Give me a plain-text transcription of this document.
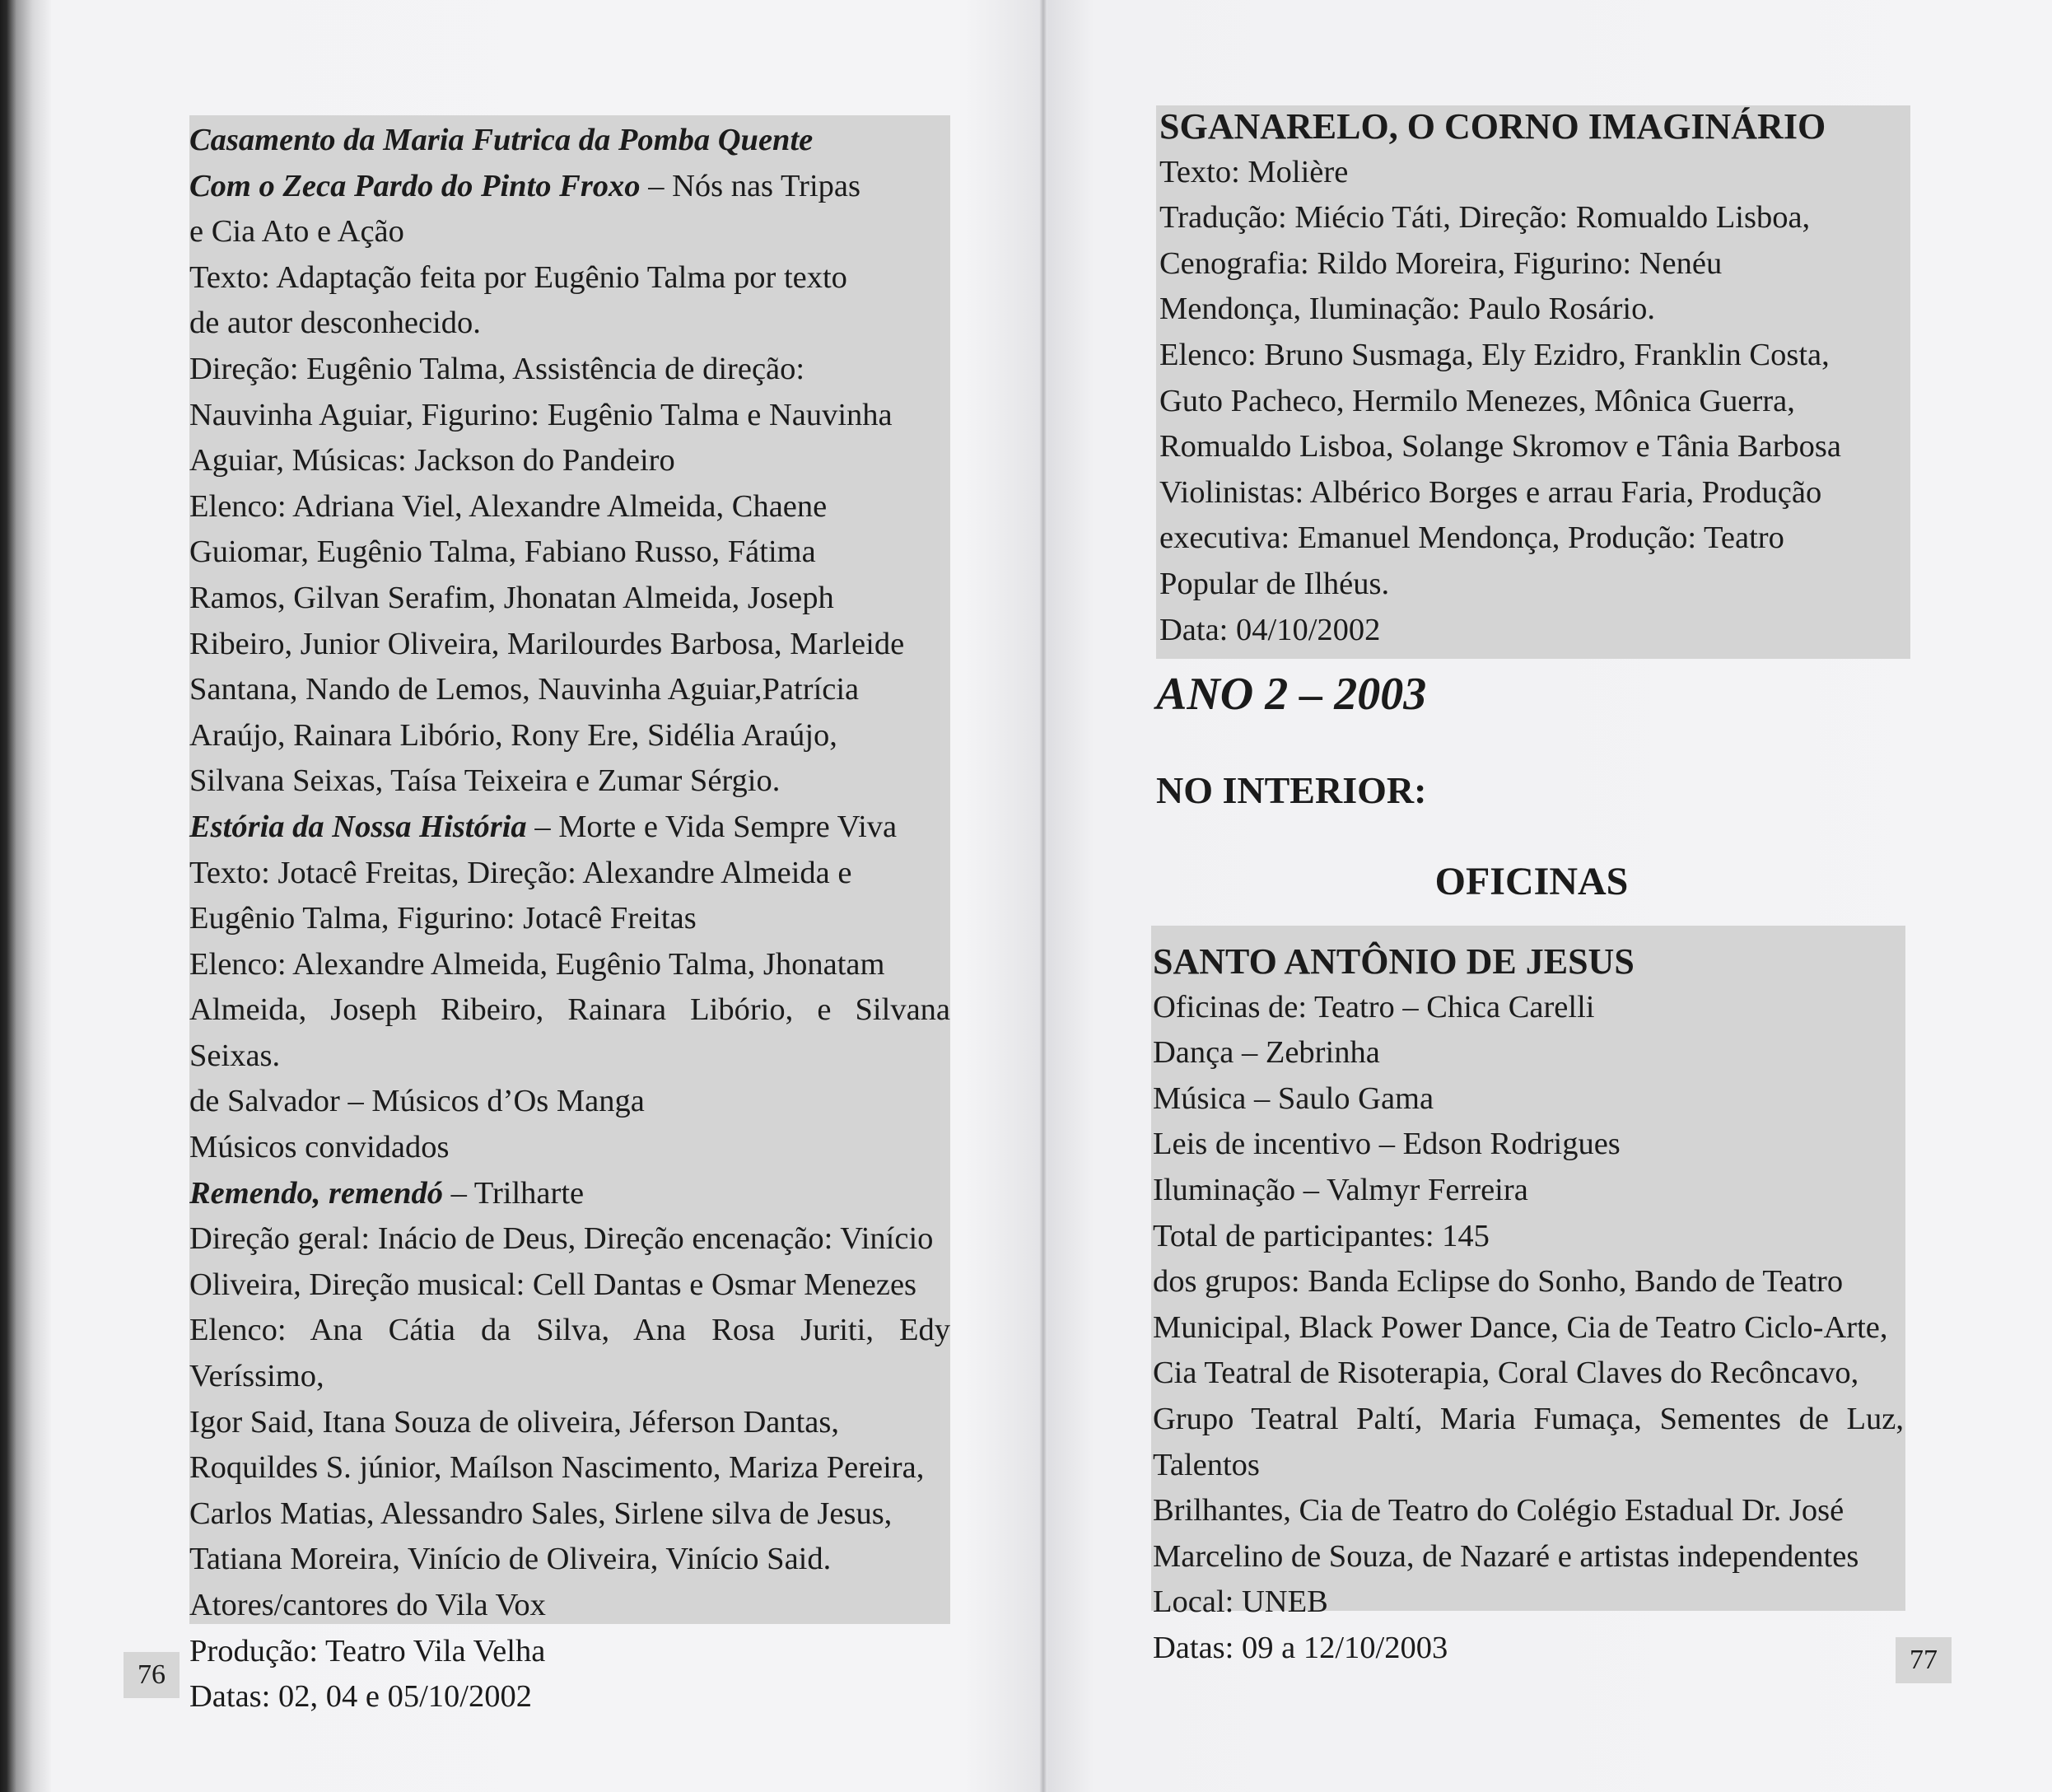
Casamento da Maria Futrica da Pomba Quente

Com o Zeca Pardo do Pinto Froxo – Nós nas Tripas

e Cia Ato e Ação

Texto: Adaptação feita por Eugênio Talma por texto

de autor desconhecido.

Direção: Eugênio Talma, Assistência de direção:

Nauvinha Aguiar, Figurino: Eugênio Talma e Nauvinha

Aguiar, Músicas: Jackson do Pandeiro

Elenco: Adriana Viel, Alexandre Almeida, Chaene

Guiomar, Eugênio Talma, Fabiano Russo, Fátima

Ramos, Gilvan Serafim, Jhonatan Almeida, Joseph

Ribeiro, Junior Oliveira, Marilourdes Barbosa, Marleide

Santana, Nando de Lemos, Nauvinha Aguiar,Patrícia

Araújo, Rainara Libório, Rony Ere, Sidélia Araújo,

Silvana Seixas, Taísa Teixeira e Zumar Sérgio.

Estória da Nossa História – Morte e Vida Sempre Viva

Texto: Jotacê Freitas, Direção: Alexandre Almeida e

Eugênio Talma, Figurino: Jotacê Freitas

Elenco: Alexandre Almeida, Eugênio Talma, Jhonatam

Almeida, Joseph Ribeiro, Rainara Libório, e Silvana Seixas.

de Salvador – Músicos d’Os Manga

Músicos convidados

Remendo, remendó – Trilharte

Direção geral: Inácio de Deus, Direção encenação: Vinício

Oliveira, Direção musical: Cell Dantas e Osmar Menezes

Elenco: Ana Cátia da Silva, Ana Rosa Juriti, Edy Veríssimo,

Igor Said, Itana Souza de oliveira, Jéferson Dantas,

Roquildes S. júnior, Maílson Nascimento, Mariza Pereira,

Carlos Matias, Alessandro Sales, Sirlene silva de Jesus,

Tatiana Moreira, Vinício de Oliveira, Vinício Said.

Atores/cantores do Vila Vox

Produção: Teatro Vila Velha

Datas: 02, 04 e 05/10/2002

76

SGANARELO, O CORNO IMAGINÁRIO

Texto: Molière

Tradução: Miécio Táti, Direção: Romualdo Lisboa,

Cenografia: Rildo Moreira, Figurino: Nenéu

Mendonça, Iluminação: Paulo Rosário.

Elenco: Bruno Susmaga, Ely Ezidro, Franklin Costa,

Guto Pacheco, Hermilo Menezes, Mônica Guerra,

Romualdo Lisboa, Solange Skromov e Tânia Barbosa

Violinistas: Albérico Borges e arrau Faria, Produção

executiva: Emanuel Mendonça, Produção: Teatro

Popular de Ilhéus.

Data: 04/10/2002

ANO 2 – 2003
NO INTERIOR:
OFICINAS

SANTO ANTÔNIO DE JESUS

Oficinas de: Teatro – Chica Carelli

Dança – Zebrinha

Música – Saulo Gama

Leis de incentivo – Edson Rodrigues

Iluminação – Valmyr Ferreira

Total de participantes: 145

dos grupos: Banda Eclipse do Sonho, Bando de Teatro

Municipal, Black Power Dance, Cia de Teatro Ciclo-Arte,

Cia Teatral de Risoterapia, Coral Claves do Recôncavo,

Grupo Teatral Paltí, Maria Fumaça, Sementes de Luz, Talentos

Brilhantes, Cia de Teatro do Colégio Estadual Dr. José

Marcelino de Souza, de Nazaré e artistas independentes

Local: UNEB

Datas: 09 a 12/10/2003	77
